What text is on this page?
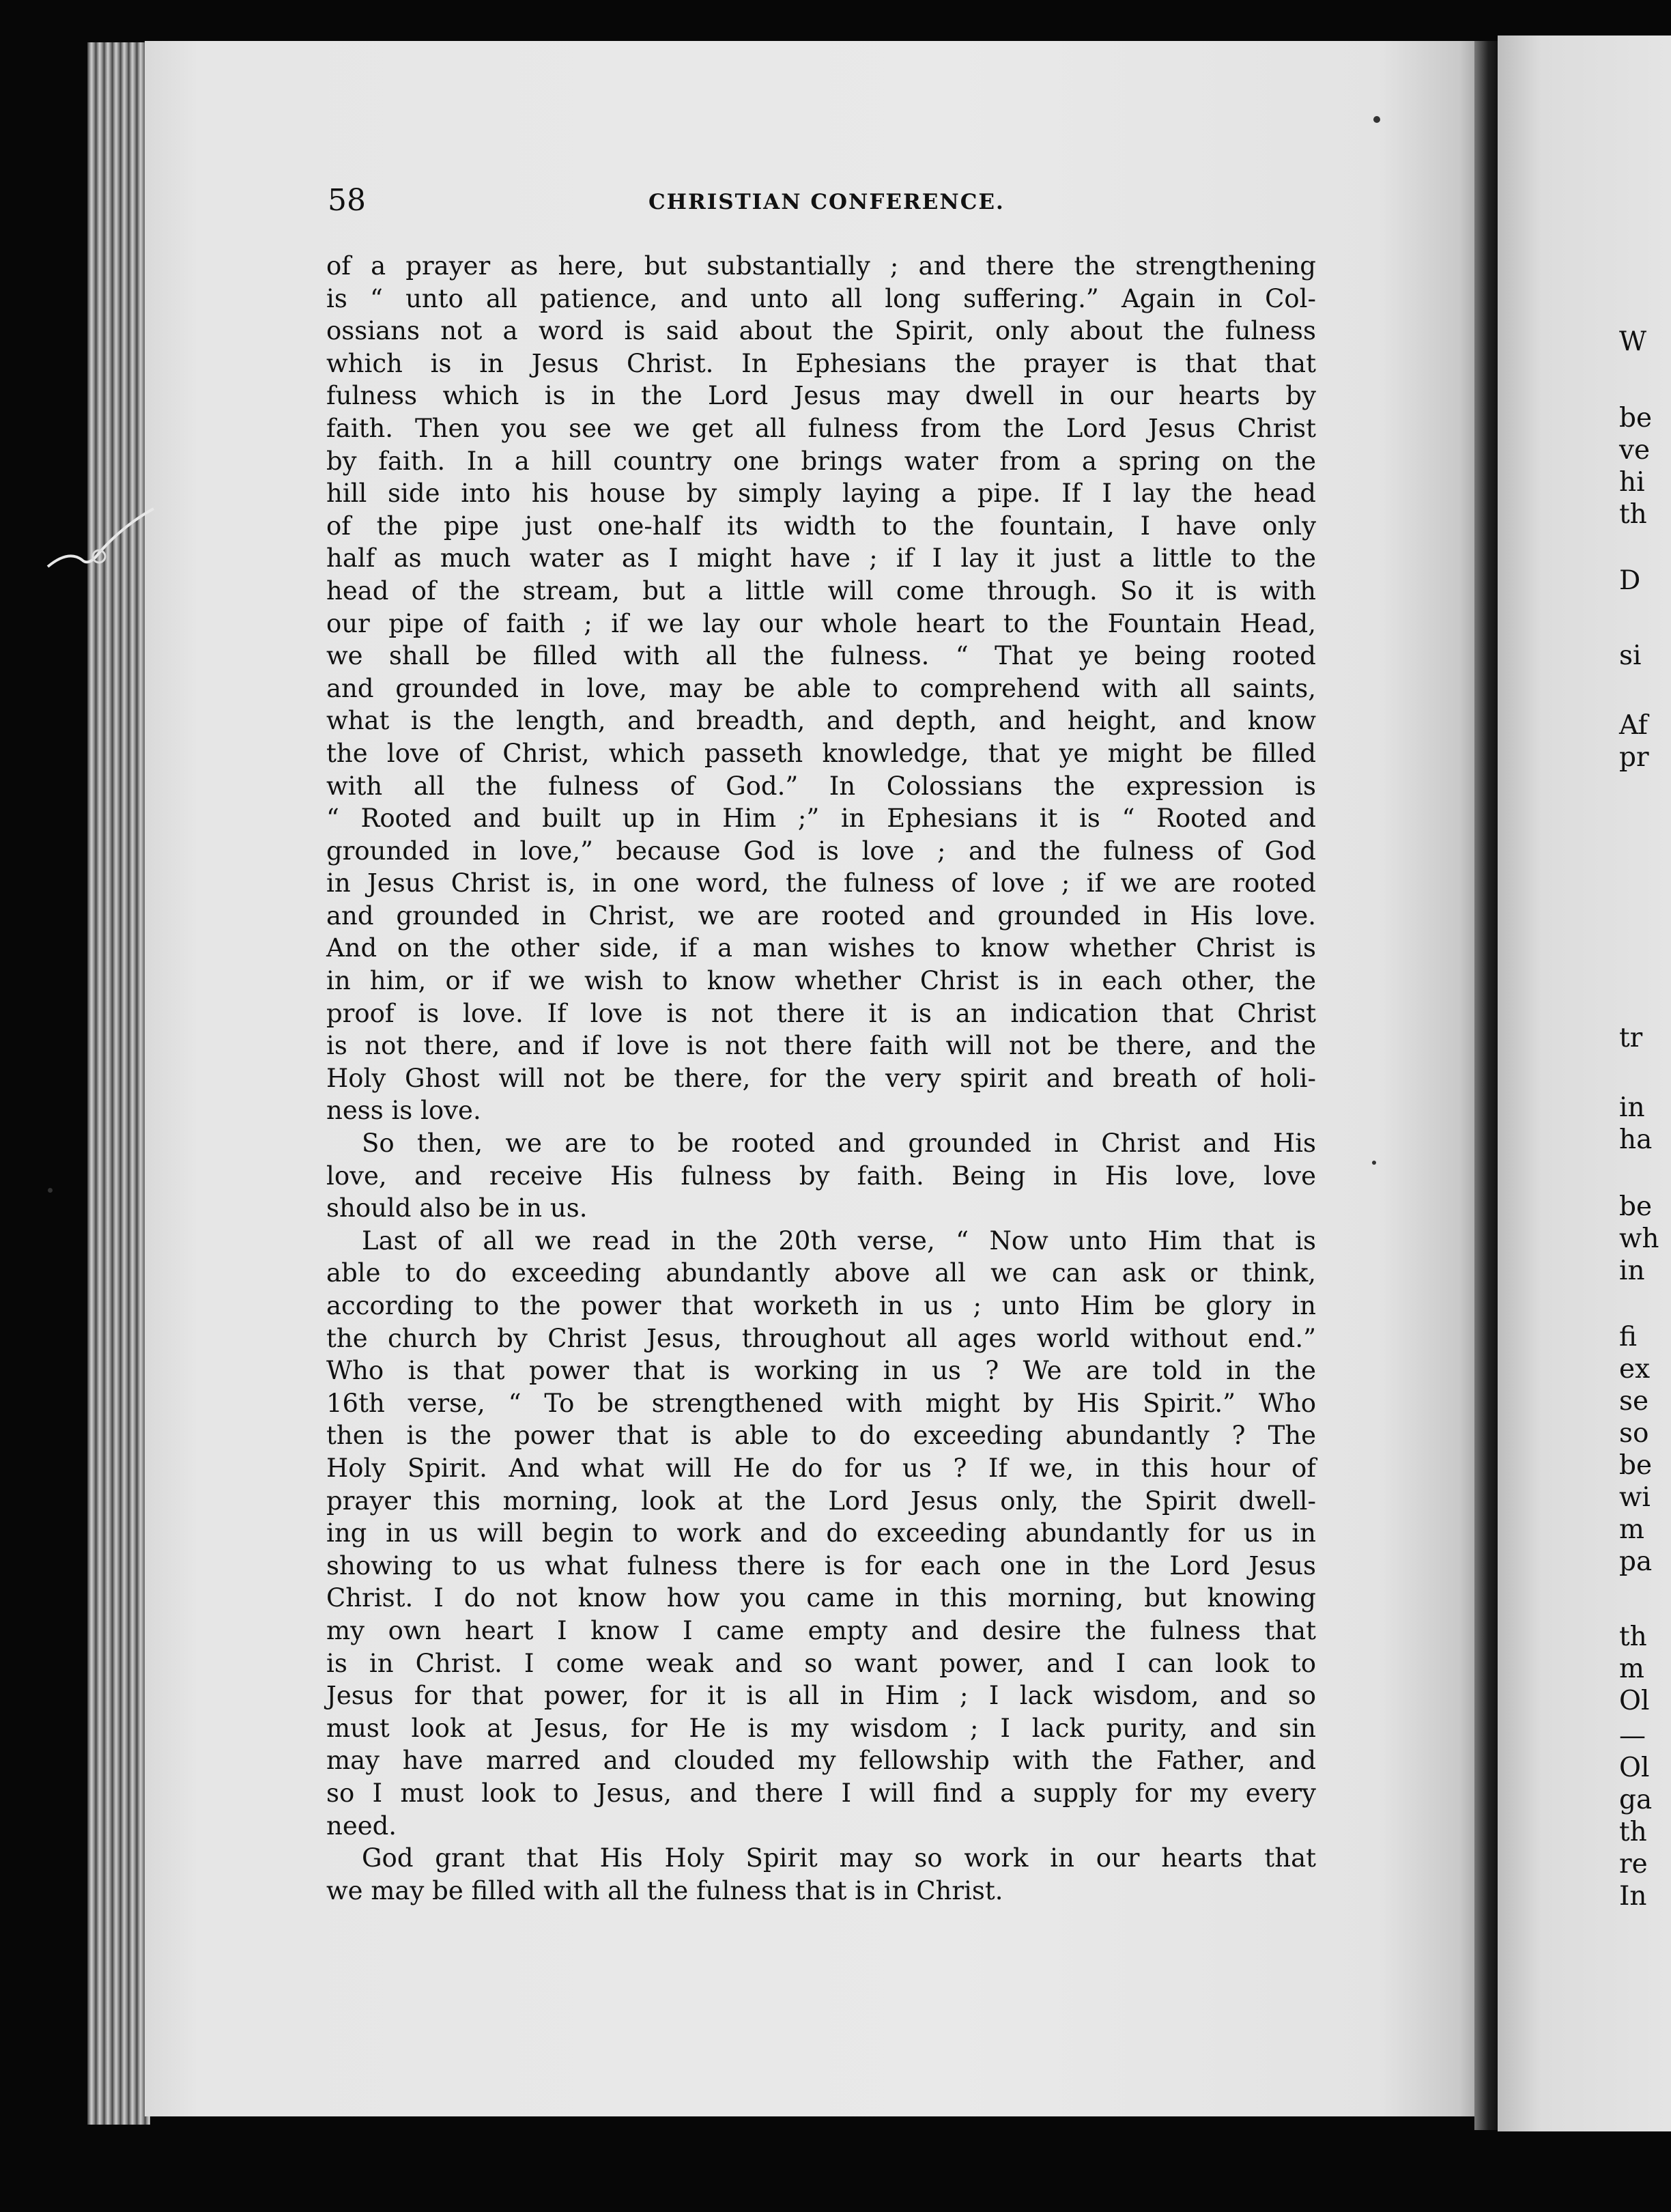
58	CHRISTIAN CONFERENCE.
of a prayer as here, but substantially ; and there the strengthening
is “ unto all patience, and unto all long suffering.” Again in Col-
ossians not a word is said about the Spirit, only about the fulness
which is in Jesus Christ. In Ephesians the prayer is that that
fulness which is in the Lord Jesus may dwell in our hearts by
faith. Then you see we get all fulness from the Lord Jesus Christ
by faith. In a hill country one brings water from a spring on the
hill side into his house by simply laying a pipe. If I lay the head
of the pipe just one-half its width to the fountain, I have only
half as much water as I might have ; if I lay it just a little to the
head of the stream, but a little will come through. So it is with
our pipe of faith ; if we lay our whole heart to the Fountain Head,
we shall be filled with all the fulness. “ That ye being rooted
and grounded in love, may be able to comprehend with all saints,
what is the length, and breadth, and depth, and height, and know
the love of Christ, which passeth knowledge, that ye might be filled
with all the fulness of God.” In Colossians the expression is
“ Rooted and built up in Him ;” in Ephesians it is “ Rooted and
grounded in love,” because God is love ; and the fulness of God
in Jesus Christ is, in one word, the fulness of love ; if we are rooted
and grounded in Christ, we are rooted and grounded in His love.
And on the other side, if a man wishes to know whether Christ is
in him, or if we wish to know whether Christ is in each other, the
proof is love. If love is not there it is an indication that Christ
is not there, and if love is not there faith will not be there, and the
Holy Ghost will not be there, for the very spirit and breath of holi-
ness is love.
So then, we are to be rooted and grounded in Christ and His
love, and receive His fulness by faith. Being in His love, love
should also be in us.
Last of all we read in the 20th verse, “ Now unto Him that is
able to do exceeding abundantly above all we can ask or think,
according to the power that worketh in us ; unto Him be glory in
the church by Christ Jesus, throughout all ages world without end.”
Who is that power that is working in us ? We are told in the
16th verse, “ To be strengthened with might by His Spirit.” Who
then is the power that is able to do exceeding abundantly ? The
Holy Spirit. And what will He do for us ? If we, in this hour of
prayer this morning, look at the Lord Jesus only, the Spirit dwell-
ing in us will begin to work and do exceeding abundantly for us in
showing to us what fulness there is for each one in the Lord Jesus
Christ. I do not know how you came in this morning, but knowing
my own heart I know I came empty and desire the fulness that
is in Christ. I come weak and so want power, and I can look to
Jesus for that power, for it is all in Him ; I lack wisdom, and so
must look at Jesus, for He is my wisdom ; I lack purity, and sin
may have marred and clouded my fellowship with the Father, and
so I must look to Jesus, and there I will find a supply for my every
need.
God grant that His Holy Spirit may so work in our hearts that
we may be filled with all the fulness that is in Christ.
W
be
ve
hi
th
D
si
Af
pr
tr
in
ha
be
wh
in
fi
ex
se
so
be
wi
m
pa
th
m
Ol
—
Ol
ga
th
re
In
